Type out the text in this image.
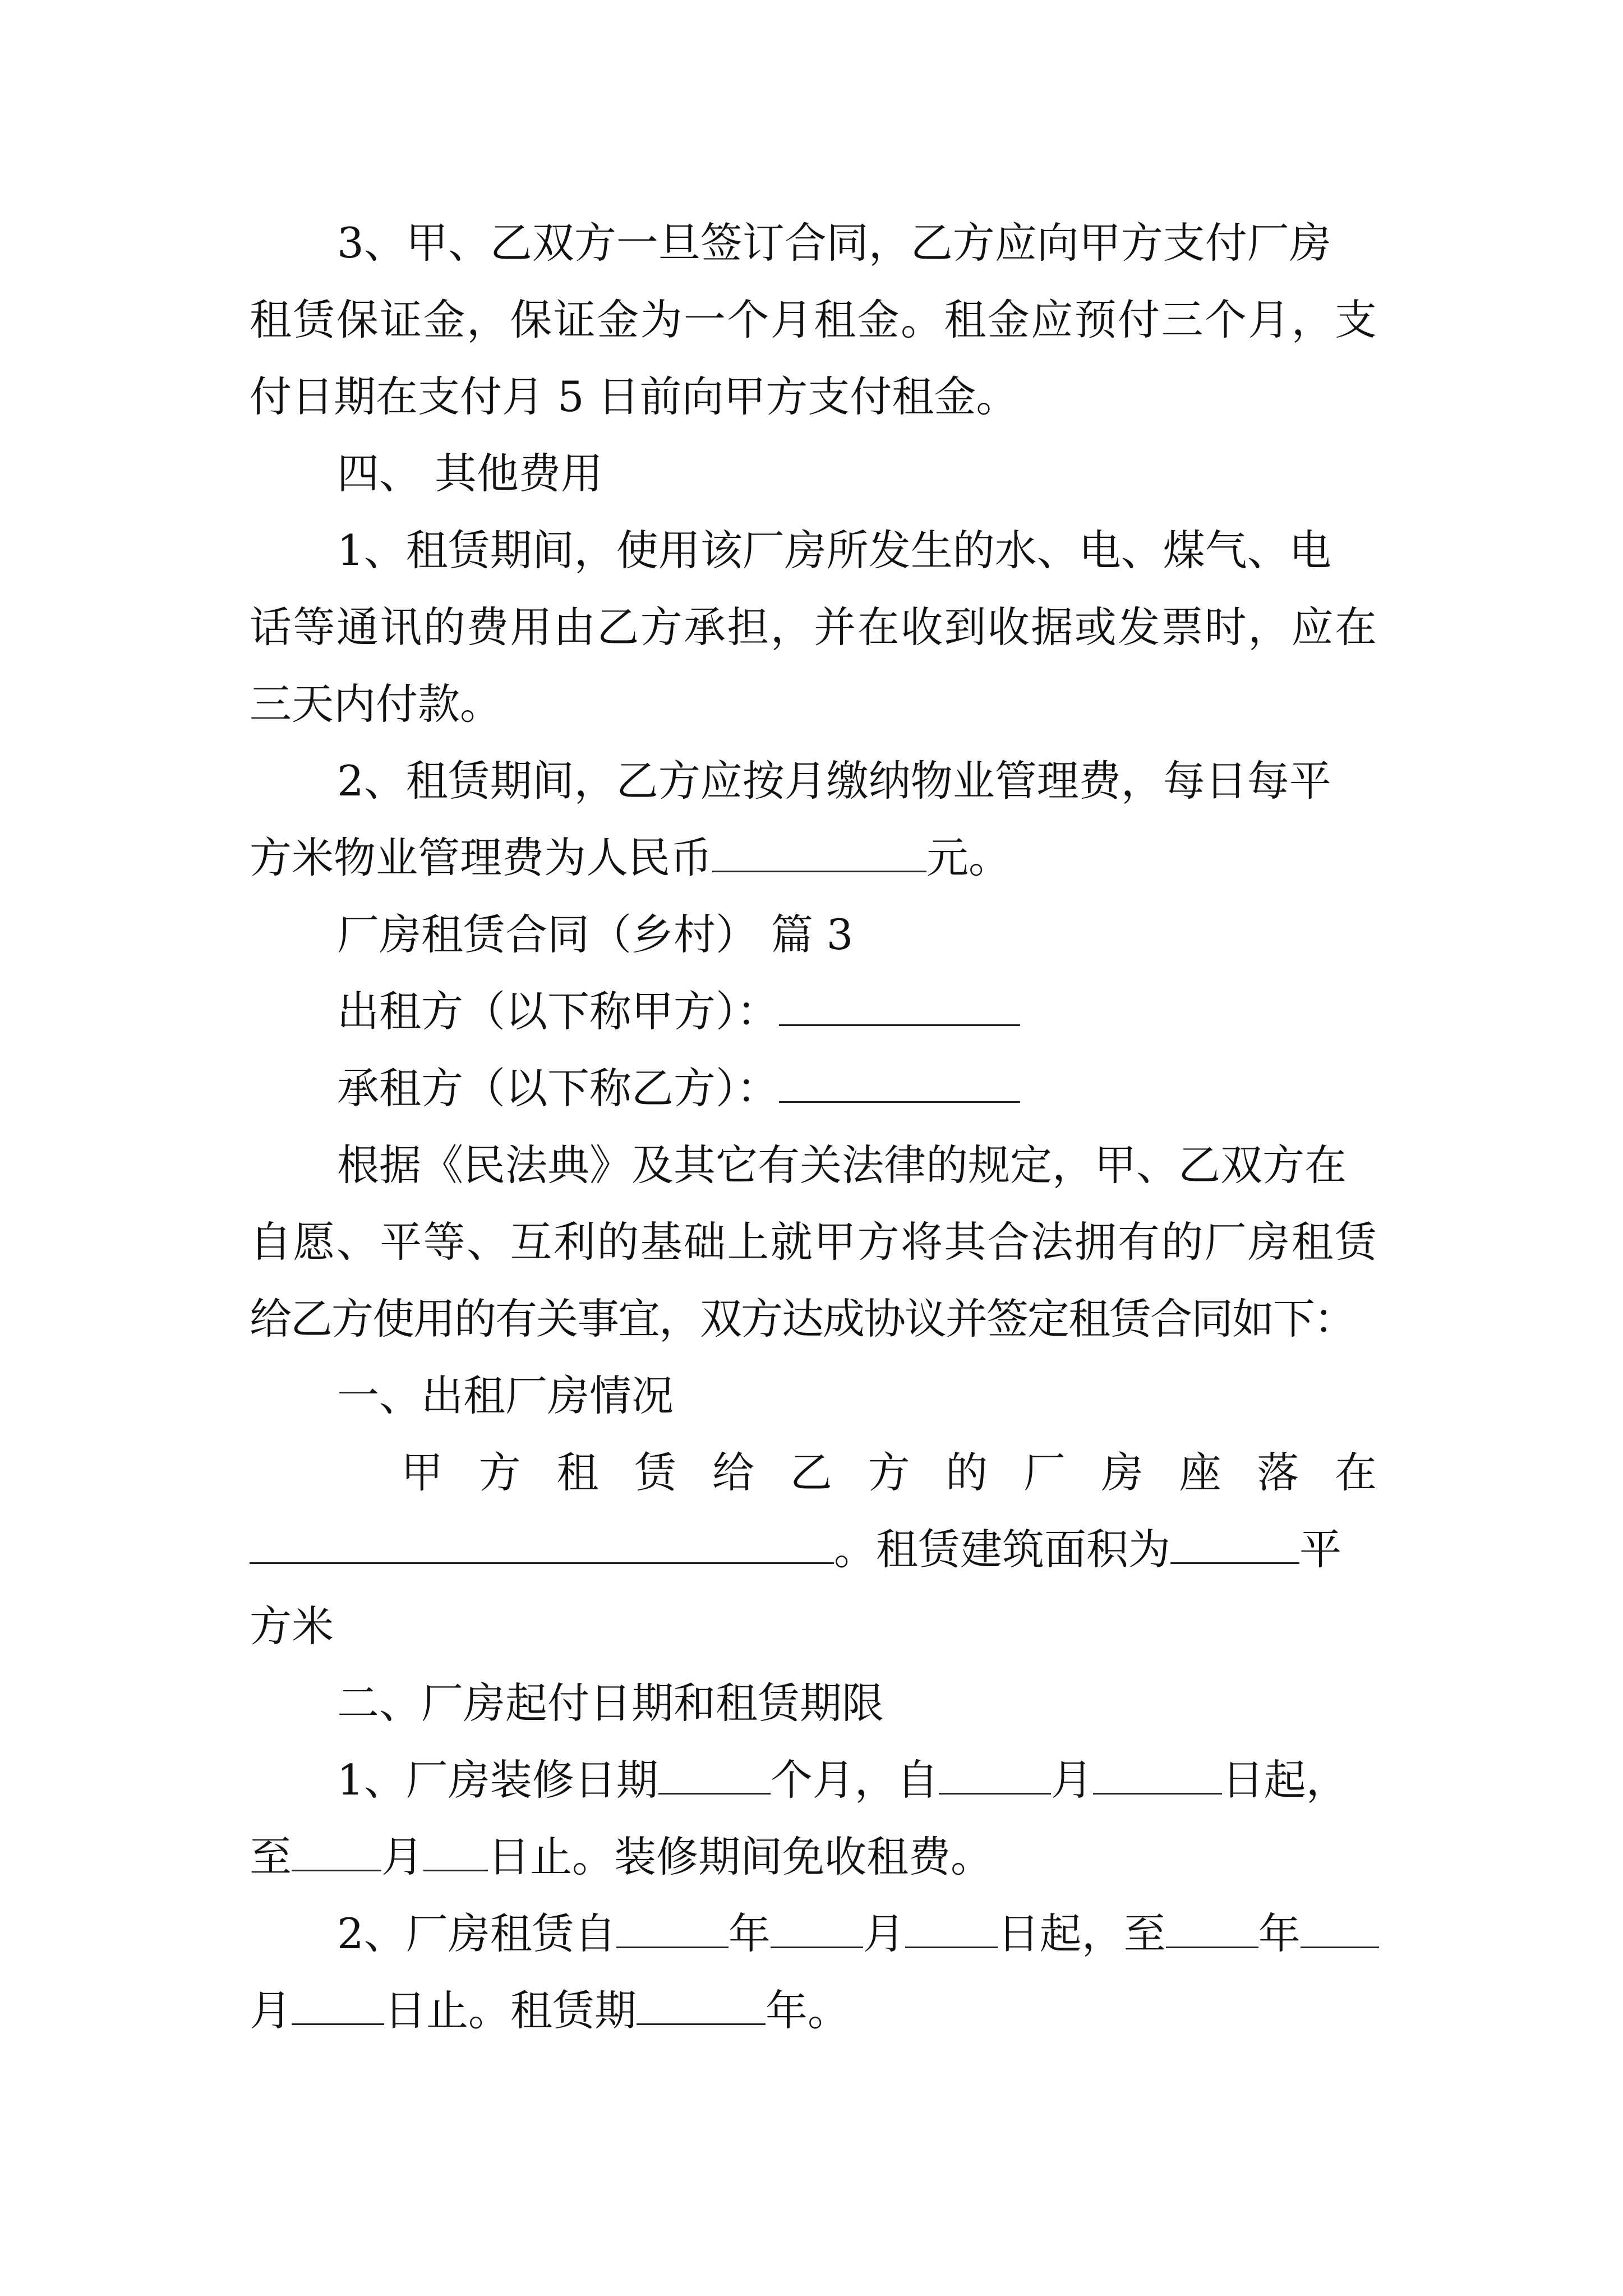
3、甲、乙双方一旦签订合同，乙方应向甲方支付厂房
租赁保证金，保证金为一个月租金。租金应预付三个月，支
付日期在支付月 5 日前向甲方支付租金。
四、 其他费用
1、租赁期间，使用该厂房所发生的水、电、煤气、电
话等通讯的费用由乙方承担，并在收到收据或发票时，应在
三天内付款。
2、租赁期间，乙方应按月缴纳物业管理费，每日每平
方米物业管理费为人民币	元。
厂房租赁合同（乡村） 篇 3
出租方（以下称甲方）：
承租方（以下称乙方）：
根据《民法典》及其它有关法律的规定，甲、乙双方在
自愿、平等、互利的基础上就甲方将其合法拥有的厂房租赁
给乙方使用的有关事宜，双方达成协议并签定租赁合同如下：
一、出租厂房情况
甲 方 租 赁 给 乙 方 的 厂 房 座 落 在
。租赁建筑面积为	平
方米
二、厂房起付日期和租赁期限
1、厂房装修日期	个月，自	月	日起，
至 月 日止。装修期间免收租费。
2、厂房租赁自	年 月 日起，至 年
月 日止。租赁期	年。
